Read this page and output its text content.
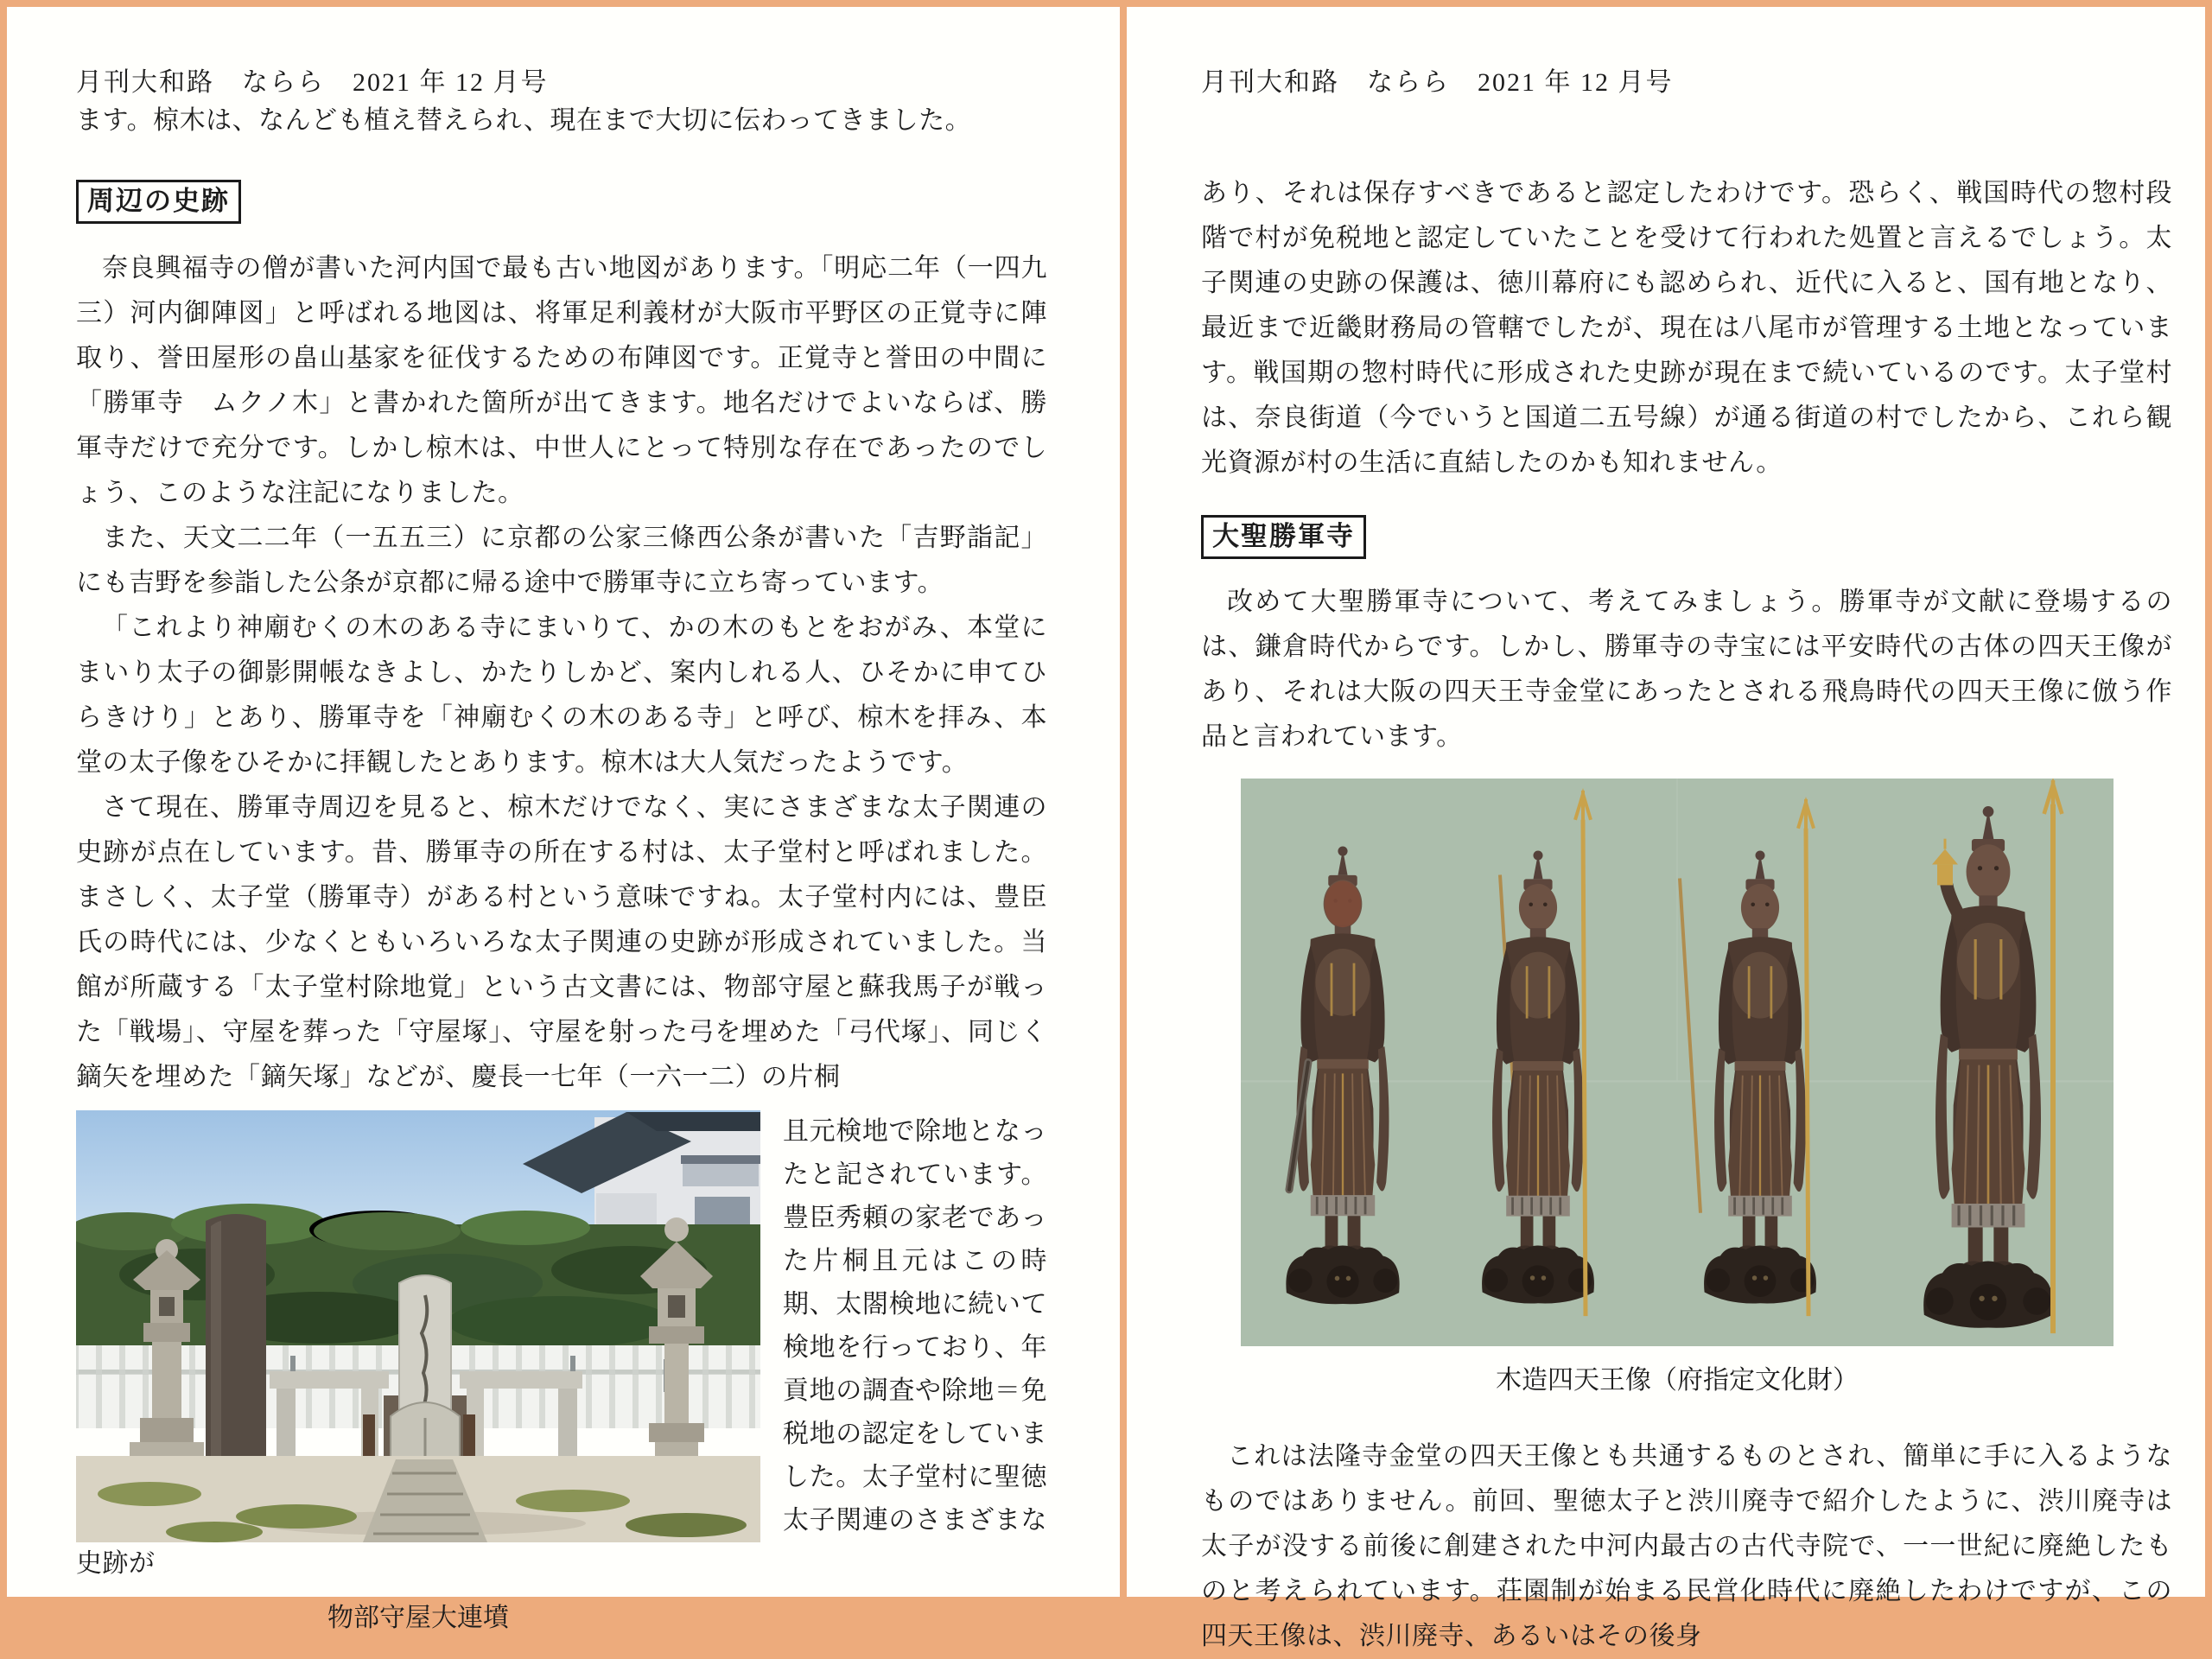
月刊大和路　ならら　2021 年 12 月号

ます。椋木は、なんども植え替えられ、現在まで大切に伝わってきました。

周辺の史跡

奈良興福寺の僧が書いた河内国で最も古い地図があります。「明応二年（一四九三）河内御陣図」と呼ばれる地図は、将軍足利義材が大阪市平野区の正覚寺に陣取り、誉田屋形の畠山基家を征伐するための布陣図です。正覚寺と誉田の中間に「勝軍寺　ムクノ木」と書かれた箇所が出てきます。地名だけでよいならば、勝軍寺だけで充分です。しかし椋木は、中世人にとって特別な存在であったのでしょう、このような注記になりました。

また、天文二二年（一五五三）に京都の公家三條西公条が書いた「吉野詣記」にも吉野を参詣した公条が京都に帰る途中で勝軍寺に立ち寄っています。

「これより神廟むくの木のある寺にまいりて、かの木のもとをおがみ、本堂にまいり太子の御影開帳なきよし、かたりしかど、案内しれる人、ひそかに申てひらきけり」とあり、勝軍寺を「神廟むくの木のある寺」と呼び、椋木を拝み、本堂の太子像をひそかに拝観したとあります。椋木は大人気だったようです。

さて現在、勝軍寺周辺を見ると、椋木だけでなく、実にさまざまな太子関連の史跡が点在しています。昔、勝軍寺の所在する村は、太子堂村と呼ばれました。まさしく、太子堂（勝軍寺）がある村という意味ですね。太子堂村内には、豊臣氏の時代には、少なくともいろいろな太子関連の史跡が形成されていました。当館が所蔵する「太子堂村除地覚」という古文書には、物部守屋と蘇我馬子が戦った「戦場」、守屋を葬った「守屋塚」、守屋を射った弓を埋めた「弓代塚」、同じく鏑矢を埋めた「鏑矢塚」などが、慶長一七年（一六一二）の片桐

且元検地で除地となったと記されています。豊臣秀頼の家老であった片桐且元はこの時期、太閤検地に続いて検地を行っており、年貢地の調査や除地＝免税地の認定をしていました。太子堂村に聖徳太子関連のさまざまな史跡が

物部守屋大連墳
月刊大和路　ならら　2021 年 12 月号

あり、それは保存すべきであると認定したわけです。恐らく、戦国時代の惣村段階で村が免税地と認定していたことを受けて行われた処置と言えるでしょう。太子関連の史跡の保護は、徳川幕府にも認められ、近代に入ると、国有地となり、最近まで近畿財務局の管轄でしたが、現在は八尾市が管理する土地となっています。戦国期の惣村時代に形成された史跡が現在まで続いているのです。太子堂村は、奈良街道（今でいうと国道二五号線）が通る街道の村でしたから、これら観光資源が村の生活に直結したのかも知れません。

大聖勝軍寺

改めて大聖勝軍寺について、考えてみましょう。勝軍寺が文献に登場するのは、鎌倉時代からです。しかし、勝軍寺の寺宝には平安時代の古体の四天王像があり、それは大阪の四天王寺金堂にあったとされる飛鳥時代の四天王像に倣う作品と言われています。

木造四天王像（府指定文化財）

これは法隆寺金堂の四天王像とも共通するものとされ、簡単に手に入るようなものではありません。前回、聖徳太子と渋川廃寺で紹介したように、渋川廃寺は太子が没する前後に創建された中河内最古の古代寺院で、一一世紀に廃絶したものと考えられています。荘園制が始まる民営化時代に廃絶したわけですが、この四天王像は、渋川廃寺、あるいはその後身
